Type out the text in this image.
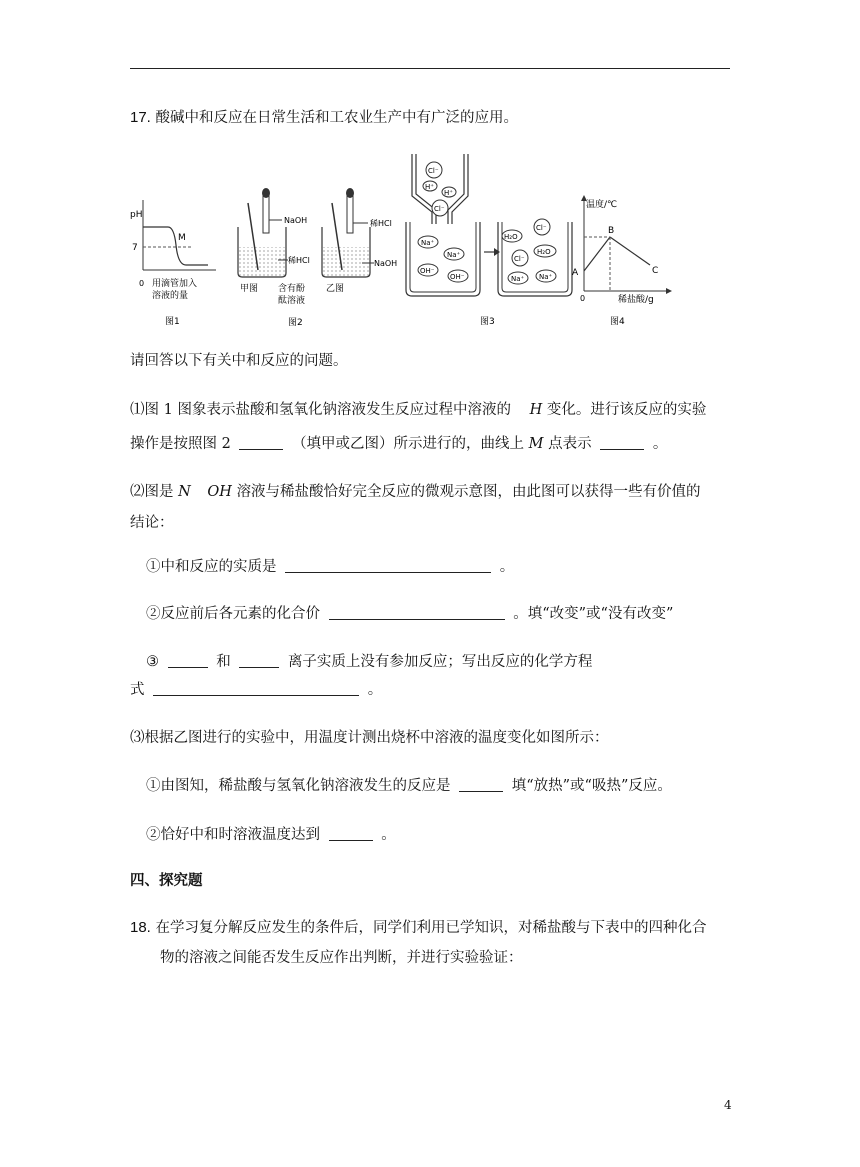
17. 酸碱中和反应在日常生活和工农业生产中有广泛的应用。
pH
7
M
0 用滴管加入
溶液的量
图1
NaOH
稀HCl
稀HCl
NaOH
甲图 含有酚
酞溶液
乙图
图2
Cl⁻
H⁺
H⁺
Cl⁻
Na⁺
Na⁺
OH⁻
OH⁻
H₂O
Cl⁻
H₂O
Cl⁻
Na⁺ Na⁺
图3
温度/℃
B
A	C
0	稀盐酸/g
图4
请回答以下有关中和反应的问题。
⑴图 1 图象表示盐酸和氢氧化钠溶液发生反应过程中溶液的 H 变化。进行该反应的实验
操作是按照图 2	（填甲或乙图）所示进行的，曲线上 M 点表示	。
⑵图是 N OH 溶液与稀盐酸恰好完全反应的微观示意图，由此图可以获得一些有价值的
结论：
①中和反应的实质是	。
②反应前后各元素的化合价	。填“改变”或“没有改变”
③	和	离子实质上没有参加反应；写出反应的化学方程
式	。
⑶根据乙图进行的实验中，用温度计测出烧杯中溶液的温度变化如图所示：
①由图知，稀盐酸与氢氧化钠溶液发生的反应是	填“放热”或“吸热”反应。
②恰好中和时溶液温度达到	。
四、探究题
18. 在学习复分解反应发生的条件后，同学们利用已学知识，对稀盐酸与下表中的四种化合
物的溶液之间能否发生反应作出判断，并进行实验验证：
4
